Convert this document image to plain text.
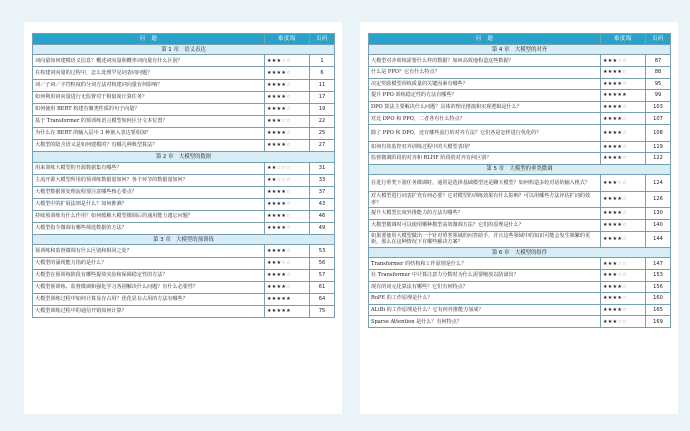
问　题	难度级	页码
第 1 章　语义表达		
词向量如何建模语义信息？概述词向量和概率词向量有什么区别？	★★★☆☆	1
在构建词向量的过程中，怎么处理罕见词表词问题？	★★★★☆	6
词／子词／字符粒度的分词方法对构建词向量有何影响？	★★★★☆	11
如何利用词向量进行无监督对于相似度计算任务？	★★★★☆	17
如何使用 BERT 构建有聚类性质的句子向量？	★★★★☆	19
基于 Transformer 的预训练语言模型如何区分文本位置？	★★★☆☆	22
为什么在 BERT 的输入层中 3 种嵌入表达要相加？	★★★★☆	25
大模型的隐含语义是如何建模的？有哪几种典型算法？	★★★★☆	27
第 2 章　大模型的数据		
用来训练大模型的开源数据集有哪些？	★★☆☆☆	31
主流开源大模型所用的预训练数据量如何？各个环节的数据量如何？	★★☆☆☆	33
大模型数据预处理流程要注意哪些核心要点？	★★★★☆	37
大模型中的扩展法则是什么？如何推测？	★★★★☆	43
持续预训练有什么作用？如何缓解大模型微调后的通用能力遗忘问题？	★★★★☆	46
大模型指令微调有哪些筛选数据的方法？	★★★★☆	49
第 3 章　大模型的预训练		
预训练和监督微调有什么区别和相同之处？	★★★★☆	53
大模型的涌现能力指的是什么？	★★★☆☆	56
大模型在预训练阶段有哪些提效实验和保障稳定性的方法？	★★★★☆	57
大模型预训练、监督微调和强化学习各别解决什么问题？有什么必要性？	★★★★☆	61
大模型训练过程中如何计算显存占用？优化显存占用的方法有哪些？	★★★★★	64
大模型训练过程中的通信开销如何计算？	★★★★★	75
问　题	难度级	页码
第 4 章　大模型的对齐		
大模型对齐训练需要什么样的数据？如何高效地构造这些数据？	★★★☆☆	87
什么是 PPO？它有什么特点？	★★★★☆	88
决定奖励模型训练质量的关键因素有哪些？	★★★★☆	95
提升 PPO 训练稳定性的方法有哪些？	★★★★★	99
DPO 算法主要解决什么问题？具体的理论推演和实现逻辑是什么？	★★★★☆	103
对比 DPO 和 PPO，二者各有什么特点？	★★★★☆	107
除了 PPO 和 DPO，还有哪些流行的对齐方法？它们各是怎样进行优化的？	★★★★☆	108
如何有效监控对齐训练过程中的大模型表现？	★★★★☆	119
监督微调阶段的对齐和 RLHF 阶段的对齐有何区别？	★★★★☆	122
第 5 章　大模型的垂类微调		
在进行垂类下游任务微调时，通常是选择基础模型还是聊天模型？如何构造多轮对话的输入格式？	★★★☆☆	124
对大模型进行词表扩充有何必要？它对模型的训练效果有什么影响？可以用哪些方法评估扩词的效率？	★★★★☆	126
提升大模型长度外推能力的方法有哪些？	★★★★☆	130
大模型微调时可以使用哪种模型高效微调方法？它们的原理是什么？	★★★★☆	140
如果要使用大模型做出一个针对垂类领域的问答助手，并且这些领域中的知识可能会发生频繁的更新，那么在这种情况下有哪些解决方案？	★★★★☆	144
第 6 章　大模型的组件		
Transformer 的结构和工作原理是什么？	★★★☆☆	147
在 Transformer 中计算注意力分数时为什么需要缩放以防溢出？	★★★☆☆	153
现有的词元化算法有哪些？它们有何特点？	★★★★☆	156
RoPE 的工作原理是什么？	★★★★☆	160
ALiBi 的工作原理是什么？它有何外推能力加成？	★★★★☆	165
Sparse Attention 是什么？有何特点？	★★★☆☆	169
